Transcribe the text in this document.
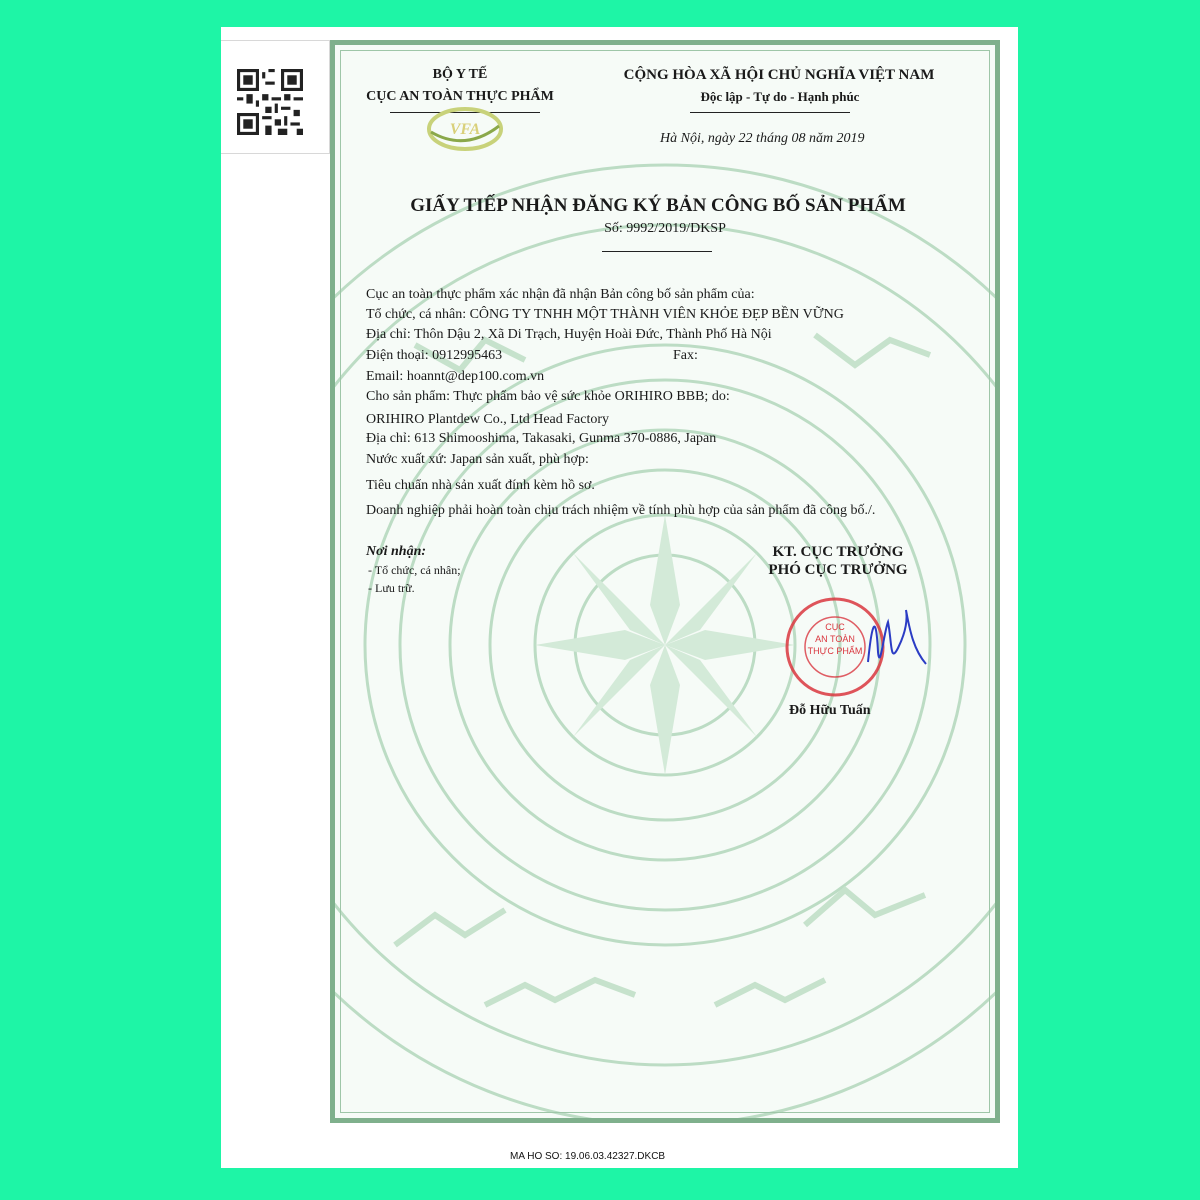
BỘ Y TẾ
CỤC AN TOÀN THỰC PHẨM
VFA
CỘNG HÒA XÃ HỘI CHỦ NGHĨA VIỆT NAM
Độc lập - Tự do - Hạnh phúc
Hà Nội, ngày 22 tháng 08 năm 2019
GIẤY TIẾP NHẬN ĐĂNG KÝ BẢN CÔNG BỐ SẢN PHẨM
Số: 9992/2019/DKSP
Cục an toàn thực phẩm xác nhận đã nhận Bản công bố sản phẩm của:
Tổ chức, cá nhân: CÔNG TY TNHH MỘT THÀNH VIÊN KHỎE ĐẸP BỀN VỮNG
Địa chỉ: Thôn Dậu 2, Xã Di Trạch, Huyện Hoài Đức, Thành Phố Hà Nội
Điện thoại: 0912995463	Fax:
Email: hoannt@dep100.com.vn
Cho sản phẩm: Thực phẩm bảo vệ sức khỏe ORIHIRO BBB; do:
ORIHIRO Plantdew Co., Ltd Head Factory
Địa chỉ: 613 Shimooshima, Takasaki, Gunma 370-0886, Japan
Nước xuất xứ: Japan sản xuất, phù hợp:
Tiêu chuẩn nhà sản xuất đính kèm hồ sơ.
Doanh nghiệp phải hoàn toàn chịu trách nhiệm về tính phù hợp của sản phẩm đã công bố./.
Nơi nhận:
- Tổ chức, cá nhân;
- Lưu trữ.
KT. CỤC TRƯỞNG
PHÓ CỤC TRƯỞNG
CỤC
AN TOÀN
THỰC PHẨM
Đỗ Hữu Tuấn
MA HO SO: 19.06.03.42327.DKCB
